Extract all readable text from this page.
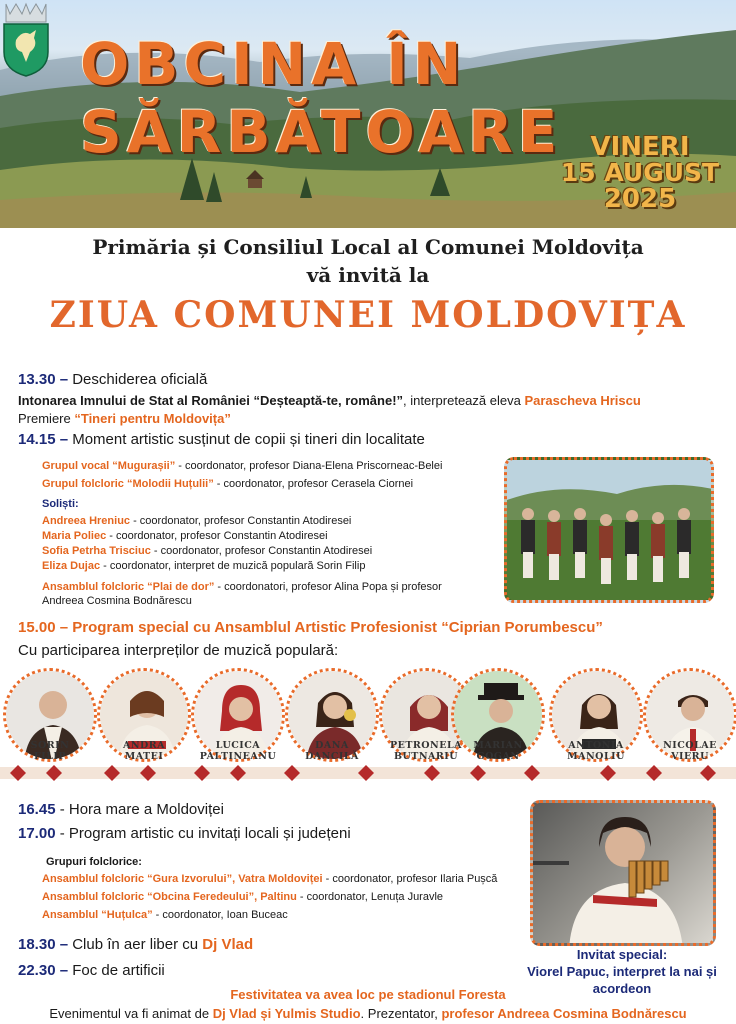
OBCINA ÎN
SĂRBĂTOARE	VINERI
15 AUGUST
2025
Primăria și Consiliul Local al Comunei Moldovița
vă invită la
ZIUA COMUNEI MOLDOVIȚA
13.30 – Deschiderea oficială
Intonarea Imnului de Stat al României “Deșteaptă-te, române!”, interpretează eleva Parascheva Hriscu
Premiere “Tineri pentru Moldovița”
14.15 – Moment artistic susținut de copii și tineri din localitate
Grupul vocal “Mugurașii” - coordonator, profesor Diana-Elena Priscorneac-Belei
Grupul folcloric “Molodii Huțulii” - coordonator, profesor Cerasela Ciornei
Soliști:
Andreea Hreniuc - coordonator, profesor Constantin Atodiresei
Maria Poliec - coordonator, profesor Constantin Atodiresei
Sofia Petrha Trisciuc - coordonator, profesor Constantin Atodiresei
Eliza Dujac - coordonator, interpret de muzică populară Sorin Filip
Ansamblul folcloric “Plai de dor” - coordonatori, profesor Alina Popa și profesor
Andreea Cosmina Bodnărescu
15.00 – Program special cu Ansamblul Artistic Profesionist “Ciprian Porumbescu”
Cu participarea interpreților de muzică populară:
SORIN
FILIP
ANDRA
MATEI
LUCICA
PALTINEANU
DANA
DANCILĂ
PETRONELA
BUTNARIU
MARIAN
GOGAN
ANTONIA
MANOLIU
NICOLAE
VIERU
16.45 - Hora mare a Moldoviței
17.00 - Program artistic cu invitați locali și județeni
Grupuri folclorice:
Ansamblul folcloric “Gura Izvorului”, Vatra Moldoviței - coordonator, profesor Ilaria Pușcă
Ansamblul folcloric “Obcina Feredeului”, Paltinu - coordonator, Lenuța Juravle
Ansamblul “Huțulca” - coordonator, Ioan Buceac
18.30 – Club în aer liber cu Dj Vlad
22.30 – Foc de artificii
Invitat special:
Viorel Papuc, interpret la nai și
acordeon
Festivitatea va avea loc pe stadionul Foresta
Evenimentul va fi animat de Dj Vlad și Yulmis Studio. Prezentator, profesor Andreea Cosmina Bodnărescu
